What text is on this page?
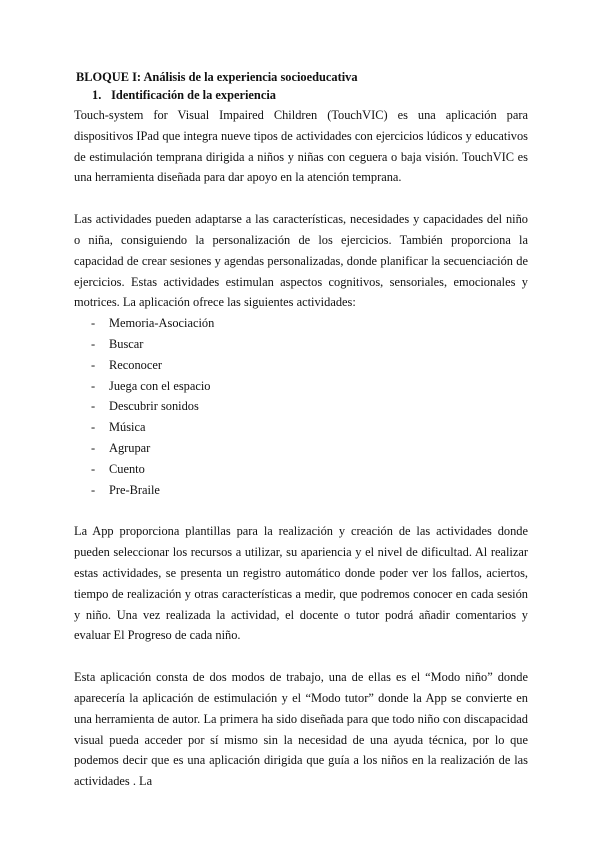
BLOQUE I: Análisis de la experiencia socioeducativa
1. Identificación de la experiencia

Touch-system for Visual Impaired Children (TouchVIC) es una aplicación para dispositivos IPad que integra nueve tipos de actividades con ejercicios lúdicos y educativos de estimulación temprana dirigida a niños y niñas con ceguera o baja visión. TouchVIC es una herramienta diseñada para dar apoyo en la atención temprana.

Las actividades pueden adaptarse a las características, necesidades y capacidades del niño o niña, consiguiendo la personalización de los ejercicios. También proporciona la capacidad de crear sesiones y agendas personalizadas, donde planificar la secuenciación de ejercicios. Estas actividades estimulan aspectos cognitivos, sensoriales, emocionales y motrices. La aplicación ofrece las siguientes actividades:

- Memoria-Asociación
- Buscar
- Reconocer
- Juega con el espacio
- Descubrir sonidos
- Música
- Agrupar
- Cuento
- Pre-Braile

La App proporciona plantillas para la realización y creación de las actividades donde pueden seleccionar los recursos a utilizar, su apariencia y el nivel de dificultad. Al realizar estas actividades, se presenta un registro automático donde poder ver los fallos, aciertos, tiempo de realización y otras características a medir, que podremos conocer en cada sesión y niño. Una vez realizada la actividad, el docente o tutor podrá añadir comentarios y evaluar El Progreso de cada niño.

Esta aplicación consta de dos modos de trabajo, una de ellas es el “Modo niño” donde aparecería la aplicación de estimulación y el “Modo tutor” donde la App se convierte en una herramienta de autor. La primera ha sido diseñada para que todo niño con discapacidad visual pueda acceder por sí mismo sin la necesidad de una ayuda técnica, por lo que podemos decir que es una aplicación dirigida que guía a los niños en la realización de las actividades . La
